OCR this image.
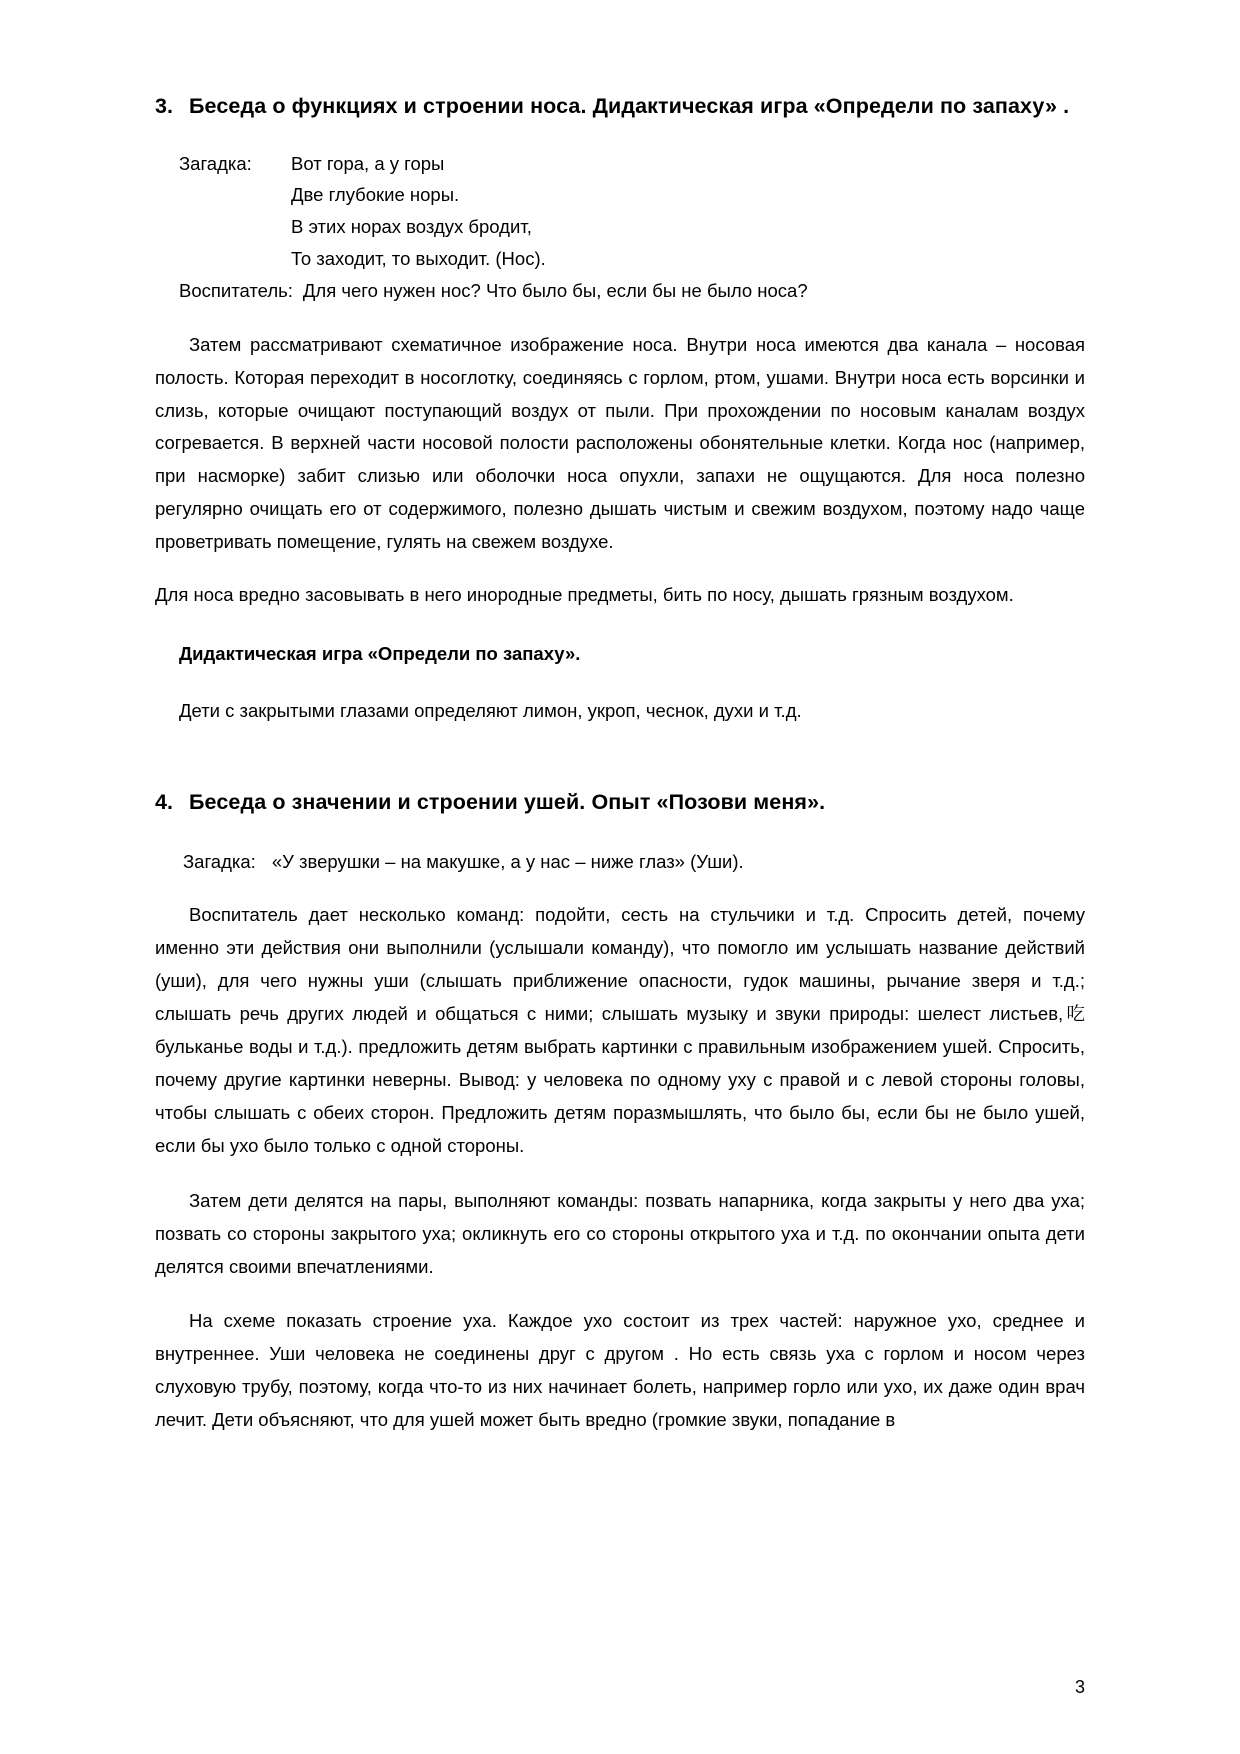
3. Беседа о функциях и строении носа. Дидактическая игра «Определи по запаху» .
Загадка:	Вот гора, а у горы
Две глубокие норы.
В этих норах воздух бродит,
То заходит, то выходит. (Нос).
Воспитатель: Для чего нужен нос? Что было бы, если бы не было носа?

Затем рассматривают схематичное изображение носа. Внутри носа имеются два канала – носовая полость. Которая переходит в носоглотку, соединяясь с горлом, ртом, ушами. Внутри носа есть ворсинки и слизь, которые очищают поступающий воздух от пыли. При прохождении по носовым каналам воздух согревается. В верхней части носовой полости расположены обонятельные клетки. Когда нос (например, при насморке) забит слизью или оболочки носа опухли, запахи не ощущаются. Для носа полезно регулярно очищать его от содержимого, полезно дышать чистым и свежим воздухом, поэтому надо чаще проветривать помещение, гулять на свежем воздухе.

Для носа вредно засовывать в него инородные предметы, бить по носу, дышать грязным воздухом.

Дидактическая игра «Определи по запаху».

Дети с закрытыми глазами определяют лимон, укроп, чеснок, духи и т.д.

4. Беседа о значении и строении ушей. Опыт «Позови меня».
Загадка: «У зверушки – на макушке, а у нас – ниже глаз» (Уши).

Воспитатель дает несколько команд: подойти, сесть на стульчики и т.д. Спросить детей, почему именно эти действия они выполнили (услышали команду), что помогло им услышать название действий (уши), для чего нужны уши (слышать приближение опасности, гудок машины, рычание зверя и т.д.; слышать речь других людей и общаться с ними; слышать музыку и звуки природы: шелест листьев,吃 бульканье воды и т.д.). предложить детям выбрать картинки с правильным изображением ушей. Спросить, почему другие картинки неверны. Вывод: у человека по одному уху с правой и с левой стороны головы, чтобы слышать с обеих сторон. Предложить детям поразмышлять, что было бы, если бы не было ушей, если бы ухо было только с одной стороны.

Затем дети делятся на пары, выполняют команды: позвать напарника, когда закрыты у него два уха; позвать со стороны закрытого уха; окликнуть его со стороны открытого уха и т.д. по окончании опыта дети делятся своими впечатлениями.

На схеме показать строение уха. Каждое ухо состоит из трех частей: наружное ухо, среднее и внутреннее. Уши человека не соединены друг с другом . Но есть связь уха с горлом и носом через слуховую трубу, поэтому, когда что-то из них начинает болеть, например горло или ухо, их даже один врач лечит. Дети объясняют, что для ушей может быть вредно (громкие звуки, попадание в

3
